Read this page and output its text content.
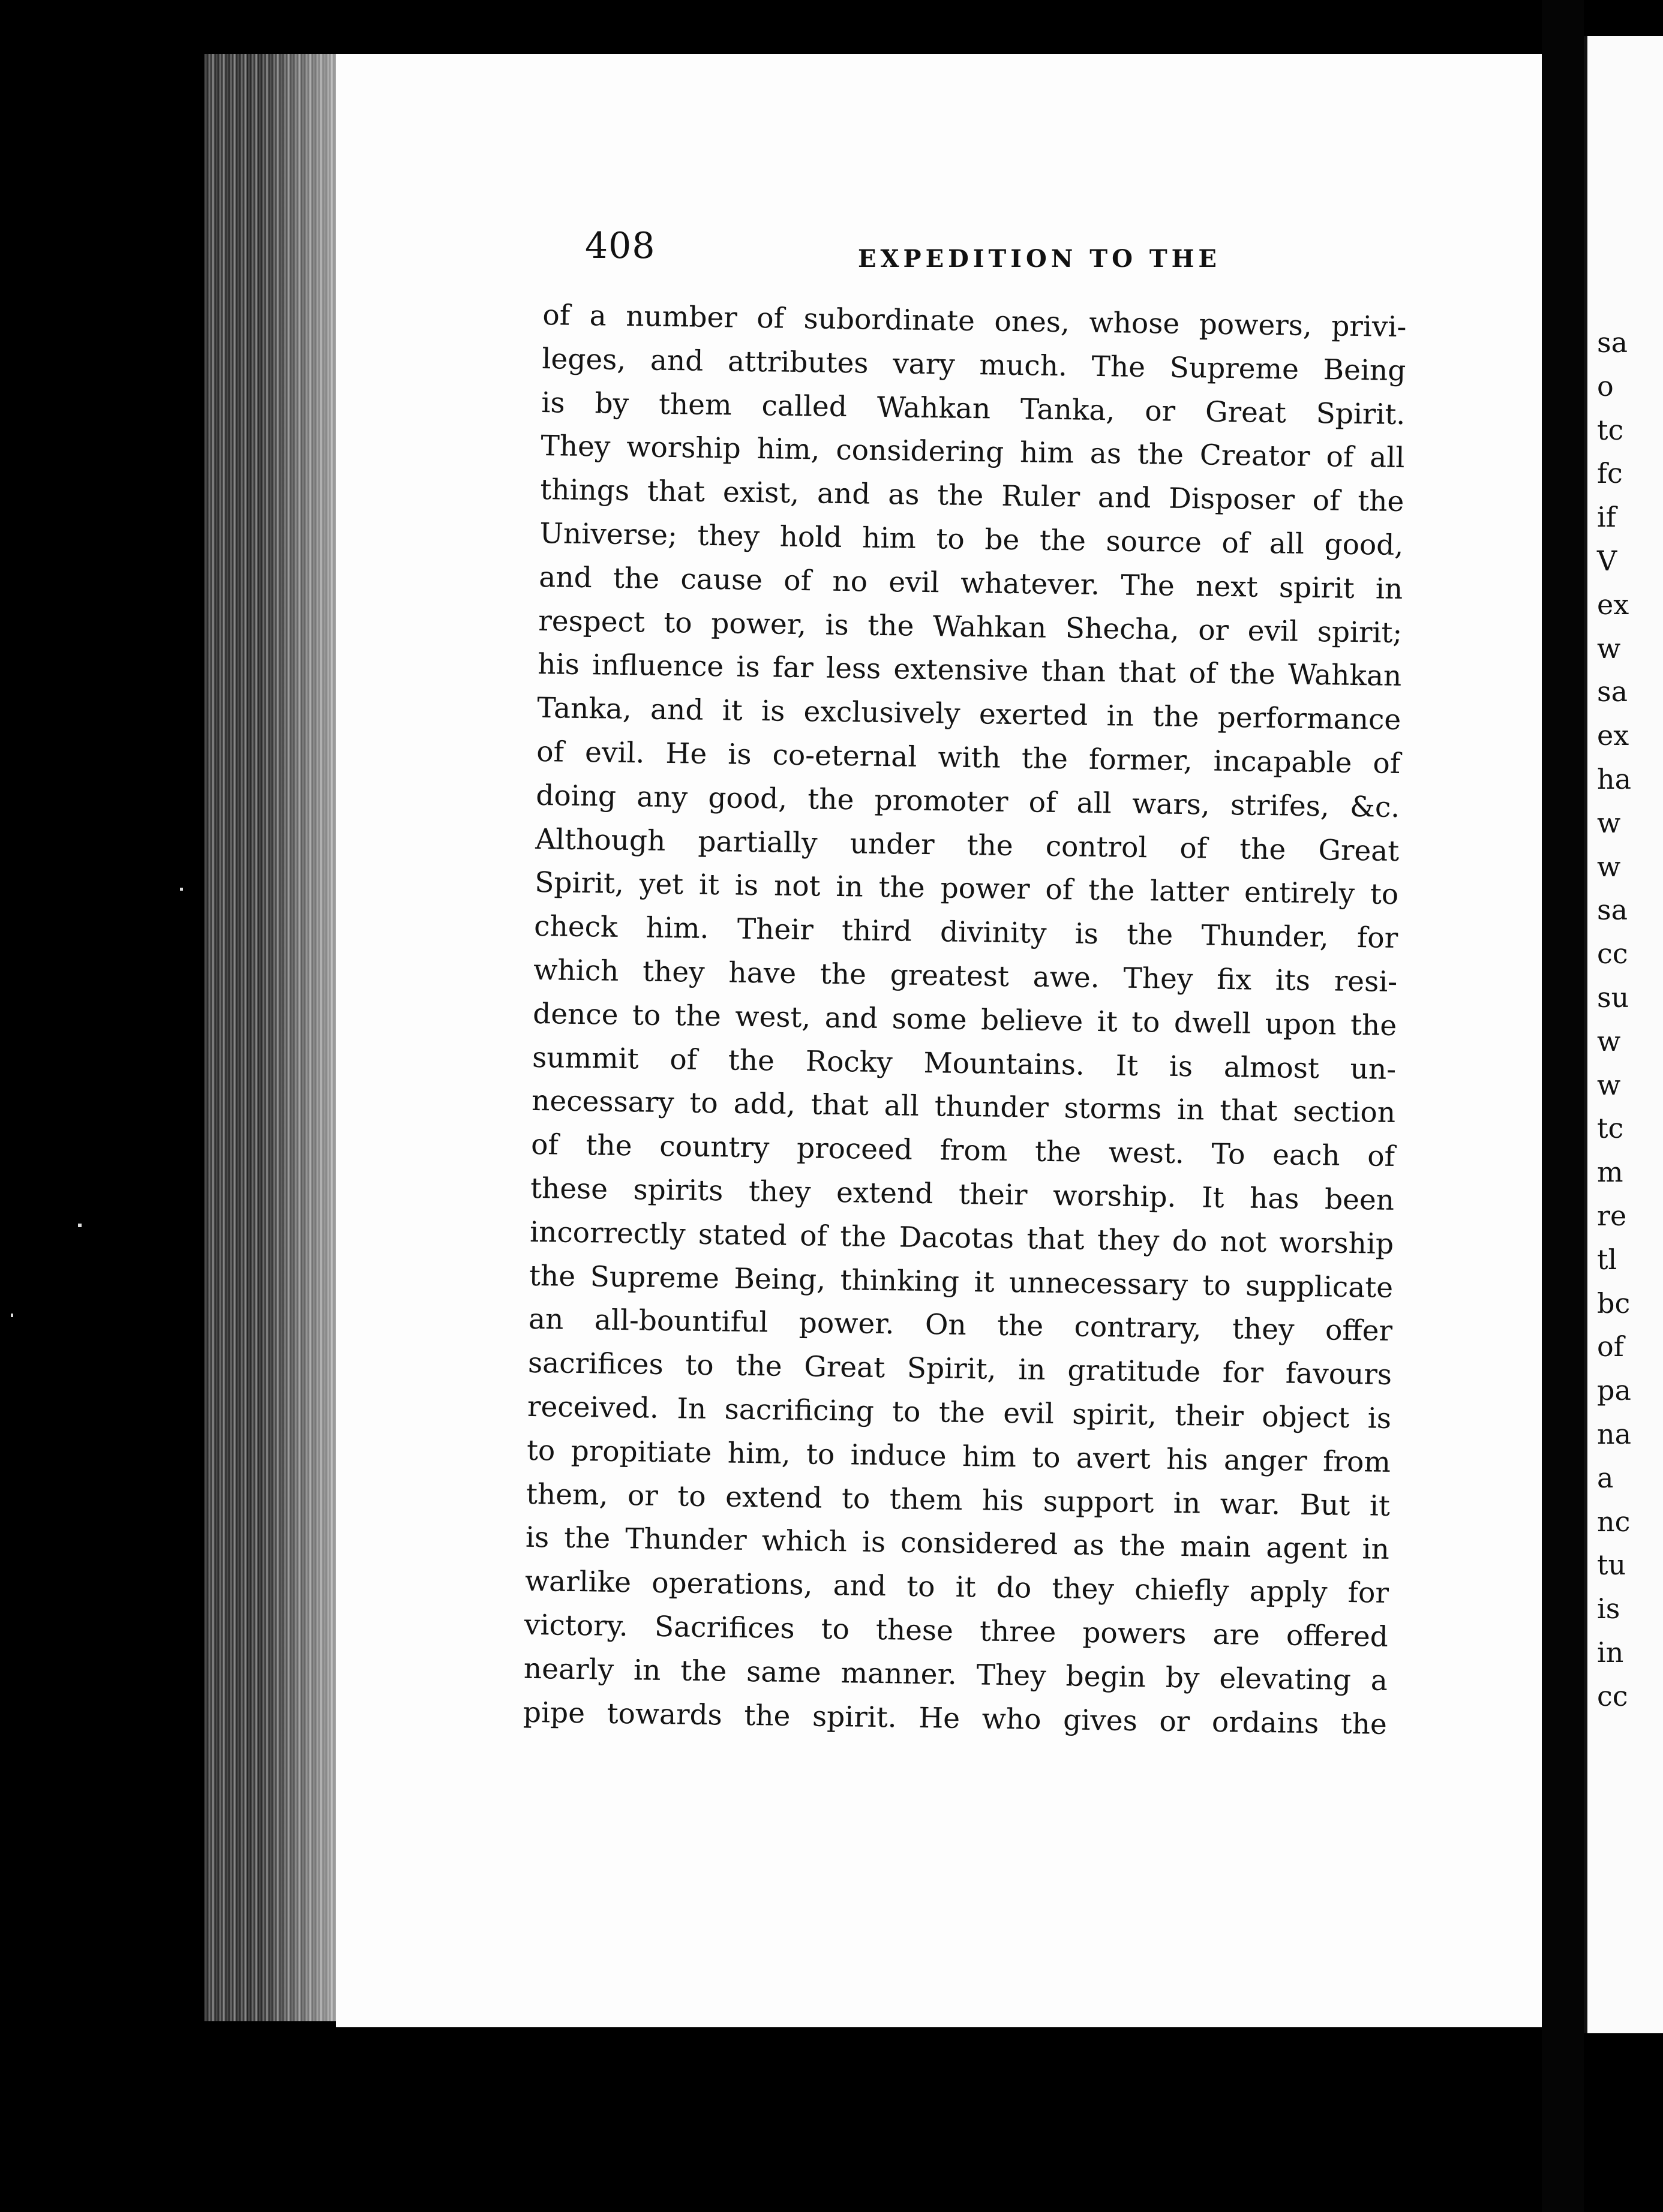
408	EXPEDITION TO THE
of a number of subordinate ones, whose powers, privi-
leges, and attributes vary much. The Supreme Being
is by them called Wahkan Tanka, or Great Spirit.
They worship him, considering him as the Creator of all
things that exist, and as the Ruler and Disposer of the
Universe; they hold him to be the source of all good,
and the cause of no evil whatever. The next spirit in
respect to power, is the Wahkan Shecha, or evil spirit;
his influence is far less extensive than that of the Wahkan
Tanka, and it is exclusively exerted in the performance
of evil. He is co-eternal with the former, incapable of
doing any good, the promoter of all wars, strifes, &c.
Although partially under the control of the Great
Spirit, yet it is not in the power of the latter entirely to
check him. Their third divinity is the Thunder, for
which they have the greatest awe. They fix its resi-
dence to the west, and some believe it to dwell upon the
summit of the Rocky Mountains. It is almost un-
necessary to add, that all thunder storms in that section
of the country proceed from the west. To each of
these spirits they extend their worship. It has been
incorrectly stated of the Dacotas that they do not worship
the Supreme Being, thinking it unnecessary to supplicate
an all-bountiful power. On the contrary, they offer
sacrifices to the Great Spirit, in gratitude for favours
received. In sacrificing to the evil spirit, their object is
to propitiate him, to induce him to avert his anger from
them, or to extend to them his support in war. But it
is the Thunder which is considered as the main agent in
warlike operations, and to it do they chiefly apply for
victory. Sacrifices to these three powers are offered
nearly in the same manner. They begin by elevating a
pipe towards the spirit. He who gives or ordains the
sa
o
tc
fc
if
V
ex
w
sa
ex
ha
w
w
sa
cc
su
w
w
tc
m
re
tl
bc
of
pa
na
a
nc
tu
is
in
cc
